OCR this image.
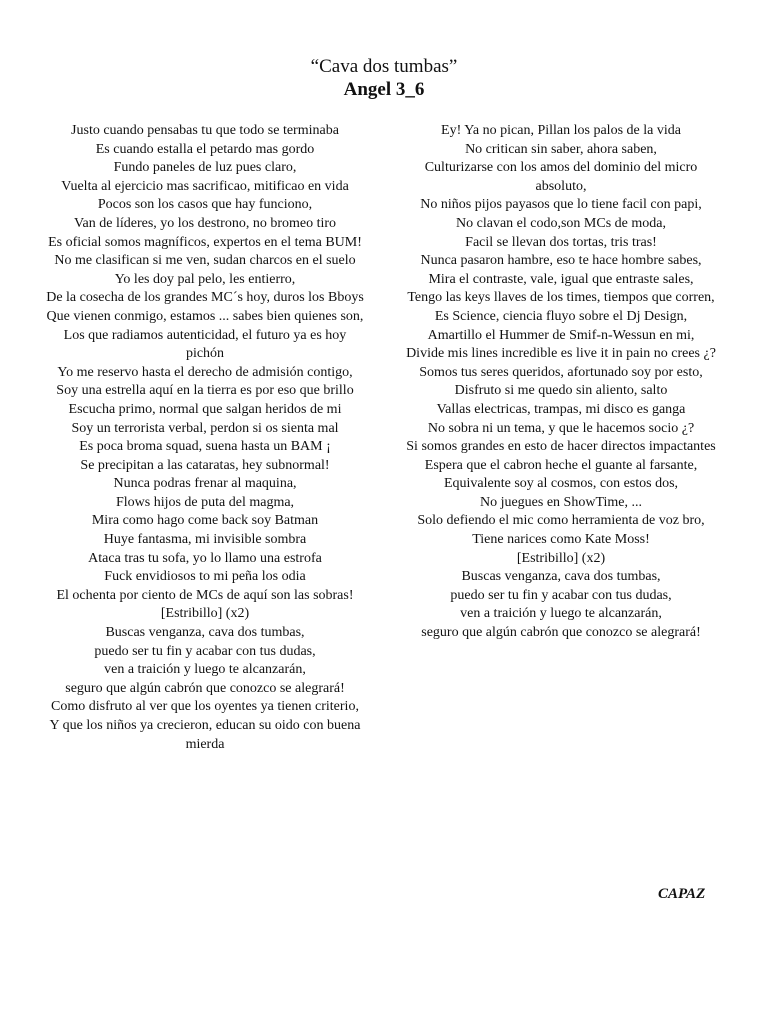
“Cava dos tumbas”
Angel 3_6
Justo cuando pensabas tu que todo se terminaba
Es cuando estalla el petardo mas gordo
Fundo paneles de luz pues claro,
Vuelta al ejercicio mas sacrificao, mitificao en vida
Pocos son los casos que hay funciono,
Van de líderes, yo los destrono, no bromeo tiro
Es oficial somos magníficos, expertos en el tema BUM!
No me clasifican si me ven, sudan charcos en el suelo
Yo les doy pal pelo, les entierro,
De la cosecha de los grandes MC´s hoy, duros los Bboys
Que vienen conmigo, estamos ... sabes bien quienes son,
Los que radiamos autenticidad, el futuro ya es hoy pichón
Yo me reservo hasta el derecho de admisión contigo,
Soy una estrella aquí en la tierra es por eso que brillo
Escucha primo, normal que salgan heridos de mi
Soy un terrorista verbal, perdon si os sienta mal
Es poca broma squad, suena hasta un BAM ¡
Se precipitan a las cataratas, hey subnormal!
Nunca podras frenar al maquina,
Flows hijos de puta del magma,
Mira como hago come back soy Batman
Huye fantasma, mi invisible sombra
Ataca tras tu sofa, yo lo llamo una estrofa
Fuck envidiosos to mi peña los odia
El ochenta por ciento de MCs de aquí son las sobras!
[Estribillo] (x2)
Buscas venganza, cava dos tumbas,
puedo ser tu fin y acabar con tus dudas,
ven a traición y luego te alcanzarán,
seguro que algún cabrón que conozco se alegrará!
Como disfruto al ver que los oyentes ya tienen criterio,
Y que los niños ya crecieron, educan su oido con buena mierda
Ey! Ya no pican, Pillan los palos de la vida
No critican sin saber, ahora saben,
Culturizarse con los amos del dominio del micro absoluto,
No niños pijos payasos que lo tiene facil con papi,
No clavan el codo,son MCs de moda,
Facil se llevan dos tortas, tris tras!
Nunca pasaron hambre, eso te hace hombre sabes,
Mira el contraste, vale, igual que entraste sales,
Tengo las keys llaves de los times, tiempos que corren,
Es Science, ciencia fluyo sobre el Dj Design,
Amartillo el Hummer de Smif-n-Wessun en mi,
Divide mis lines incredible es live it in pain no crees ¿?
Somos tus seres queridos, afortunado soy por esto,
Disfruto si me quedo sin aliento, salto
Vallas electricas, trampas, mi disco es ganga
No sobra ni un tema, y que le hacemos socio ¿?
Si somos grandes en esto de hacer directos impactantes
Espera que el cabron heche el guante al farsante,
Equivalente soy al cosmos, con estos dos,
No juegues en ShowTime, ...
Solo defiendo el mic como herramienta de voz bro,
Tiene narices como Kate Moss!
[Estribillo] (x2)
Buscas venganza, cava dos tumbas,
puedo ser tu fin y acabar con tus dudas,
ven a traición y luego te alcanzarán,
seguro que algún cabrón que conozco se alegrará!
CAPAZ
